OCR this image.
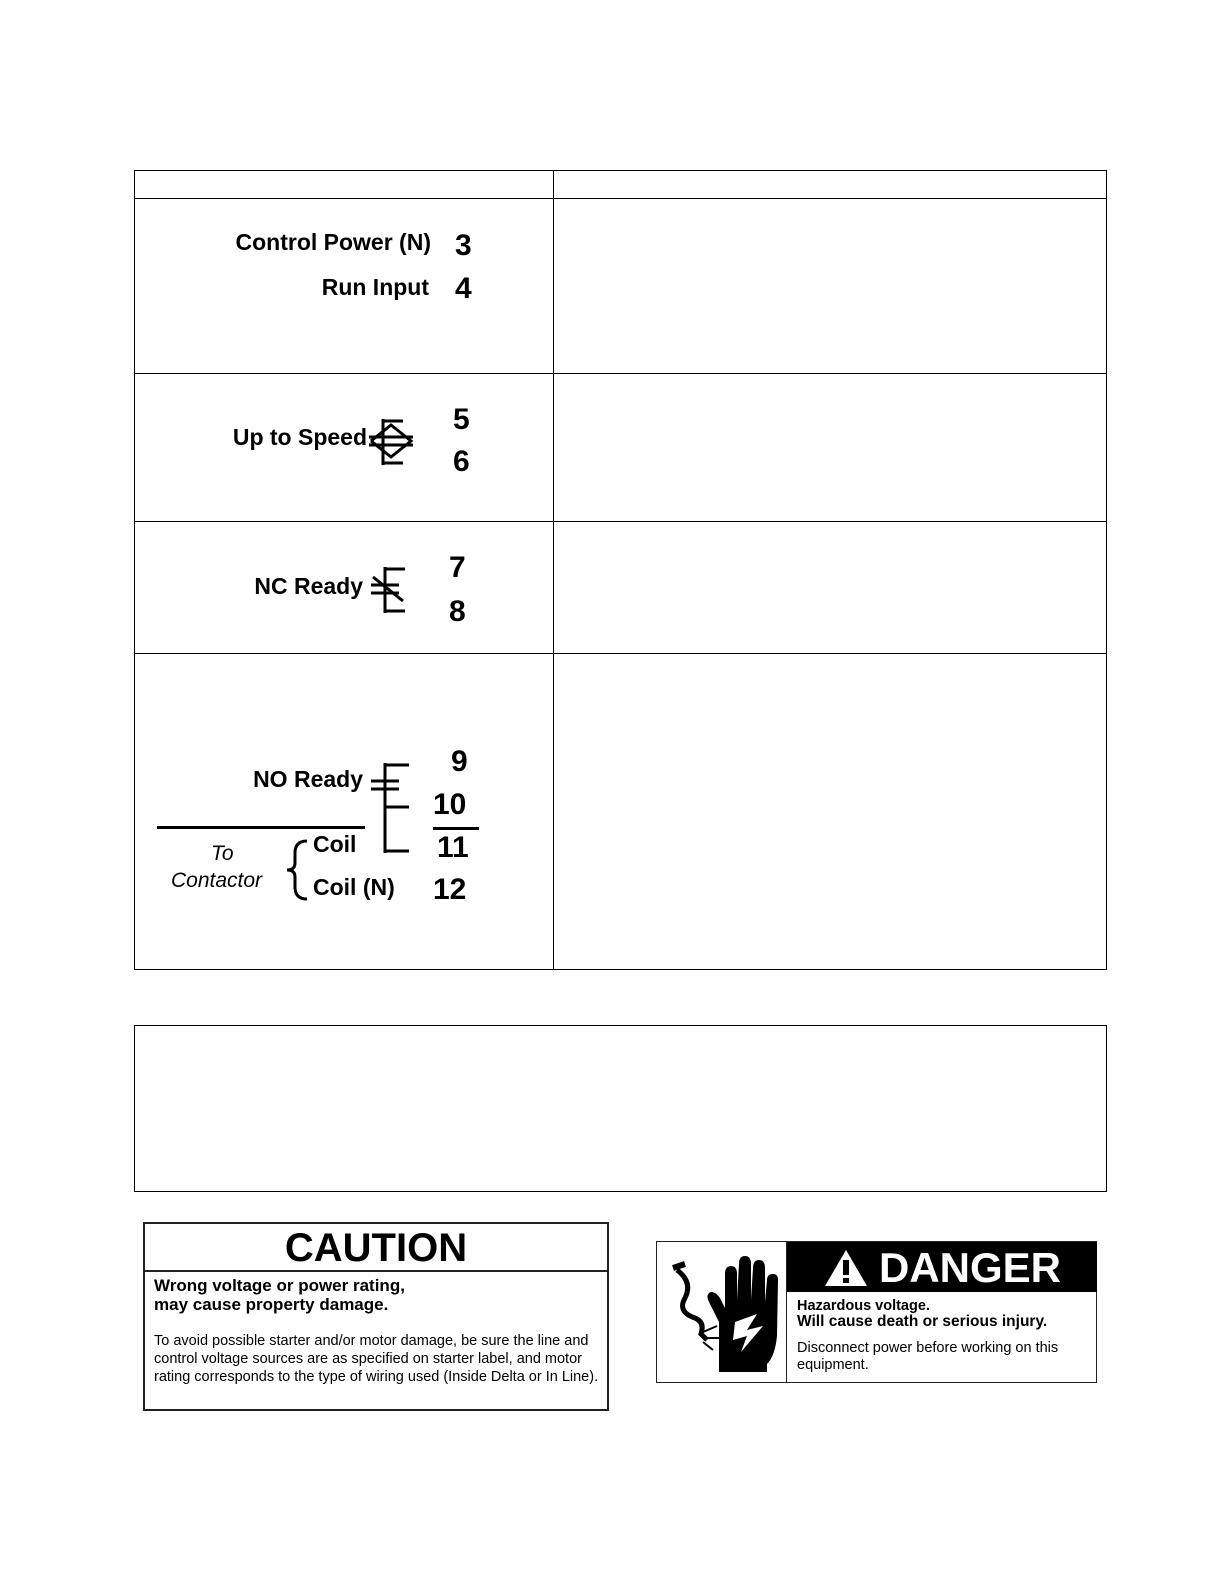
Control Power (N) 3
Run Input 4
Up to Speed
5
6
NC Ready
7
8
NO Ready
9
10
11
12
To
Contactor
Coil
Coil (N)
CAUTION
Wrong voltage or power rating,
may cause property damage.
To avoid possible starter and/or motor damage, be sure the line and control voltage sources are as specified on starter label, and motor rating corresponds to the type of wiring used (Inside Delta or In Line).
DANGER
Hazardous voltage.
Will cause death or serious injury.
Disconnect power before working on this equipment.
